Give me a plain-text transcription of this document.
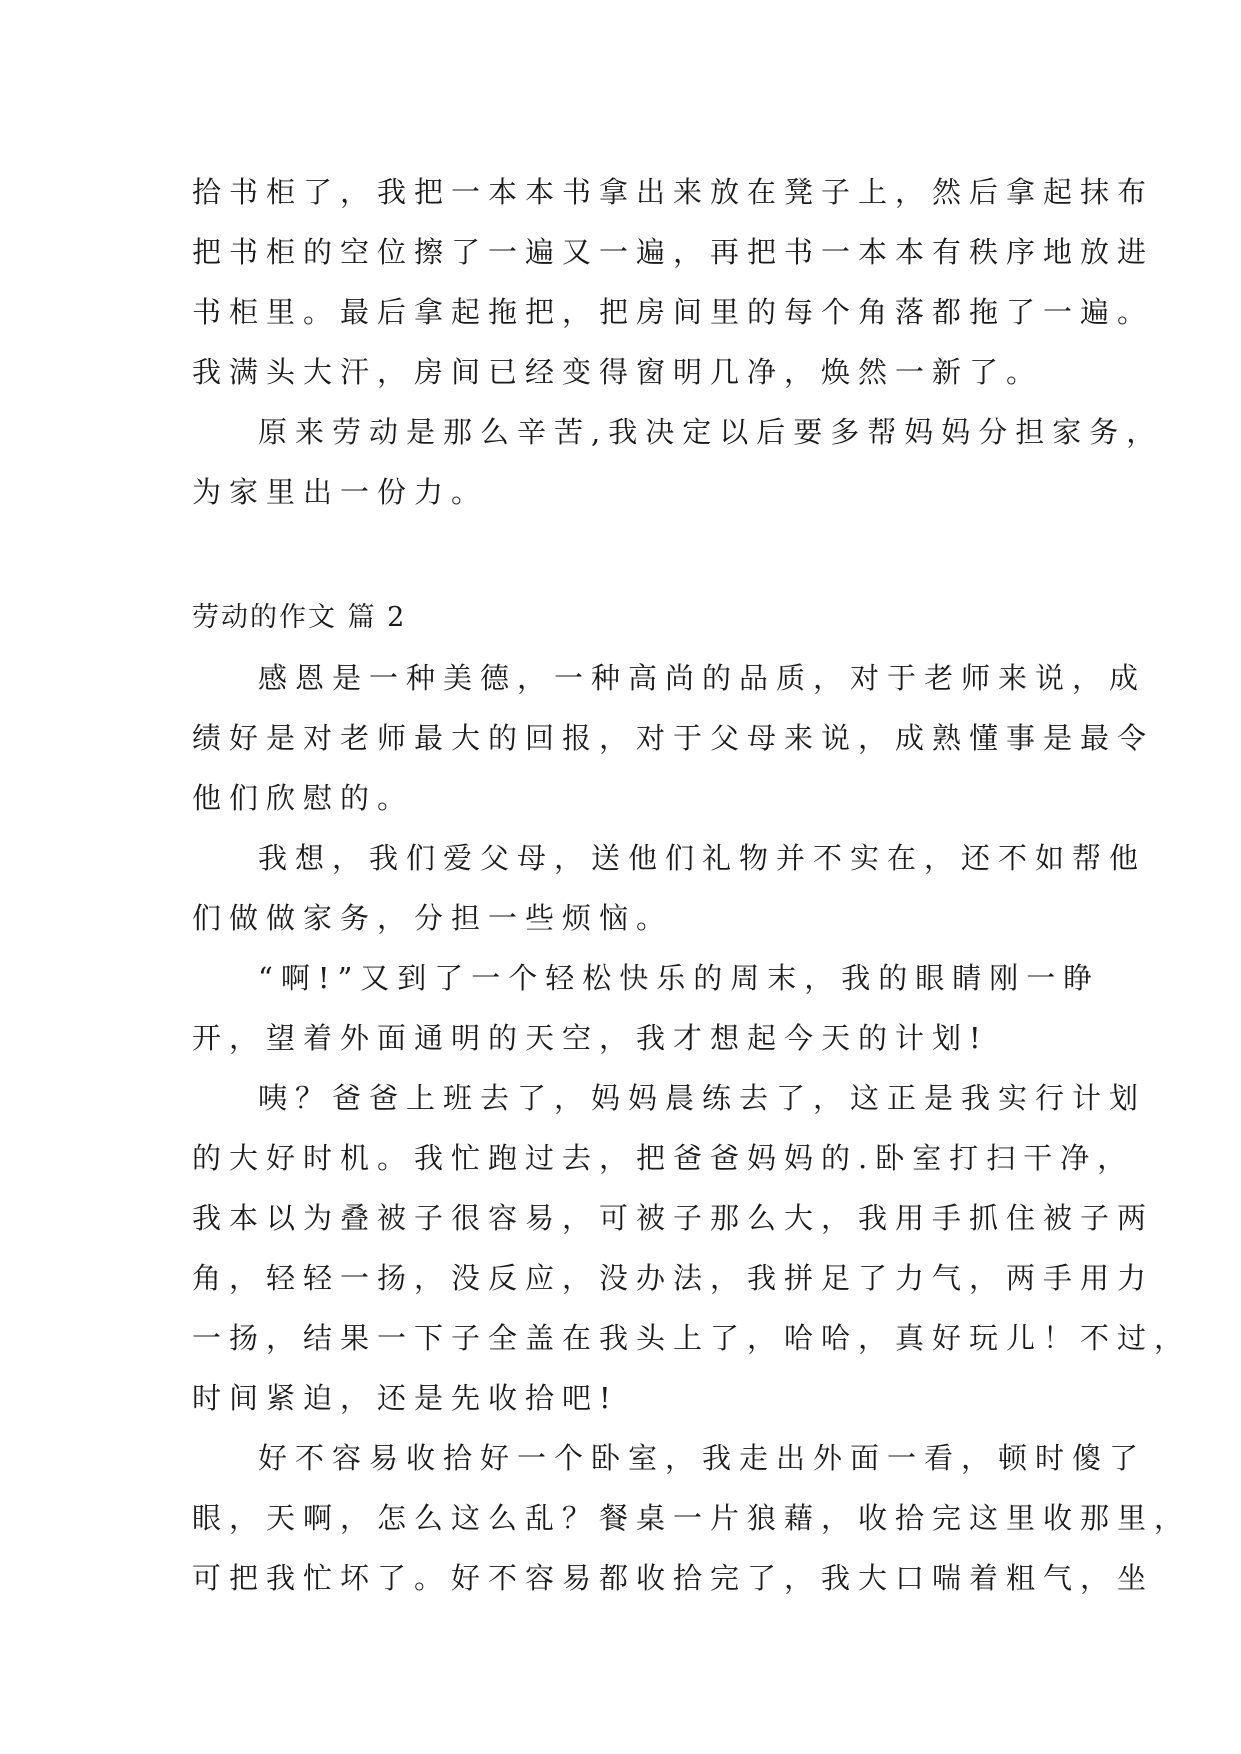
拾书柜了，我把一本本书拿出来放在凳子上，然后拿起抹布
把书柜的空位擦了一遍又一遍，再把书一本本有秩序地放进
书柜里。最后拿起拖把，把房间里的每个角落都拖了一遍。
我满头大汗，房间已经变得窗明几净，焕然一新了。
原来劳动是那么辛苦,我决定以后要多帮妈妈分担家务，
为家里出一份力。
劳动的作文 篇 2
感恩是一种美德，一种高尚的品质，对于老师来说，成
绩好是对老师最大的回报，对于父母来说，成熟懂事是最令
他们欣慰的。
我想，我们爱父母，送他们礼物并不实在，还不如帮他
们做做家务，分担一些烦恼。
“啊!”又到了一个轻松快乐的周末，我的眼睛刚一睁
开，望着外面通明的天空，我才想起今天的计划!
咦？爸爸上班去了，妈妈晨练去了，这正是我实行计划
的大好时机。我忙跑过去，把爸爸妈妈的.卧室打扫干净，
我本以为叠被子很容易，可被子那么大，我用手抓住被子两
角，轻轻一扬，没反应，没办法，我拼足了力气，两手用力
一扬，结果一下子全盖在我头上了，哈哈，真好玩儿！不过，
时间紧迫，还是先收拾吧!
好不容易收拾好一个卧室，我走出外面一看，顿时傻了
眼，天啊，怎么这么乱？餐桌一片狼藉，收拾完这里收那里，
可把我忙坏了。好不容易都收拾完了，我大口喘着粗气，坐
